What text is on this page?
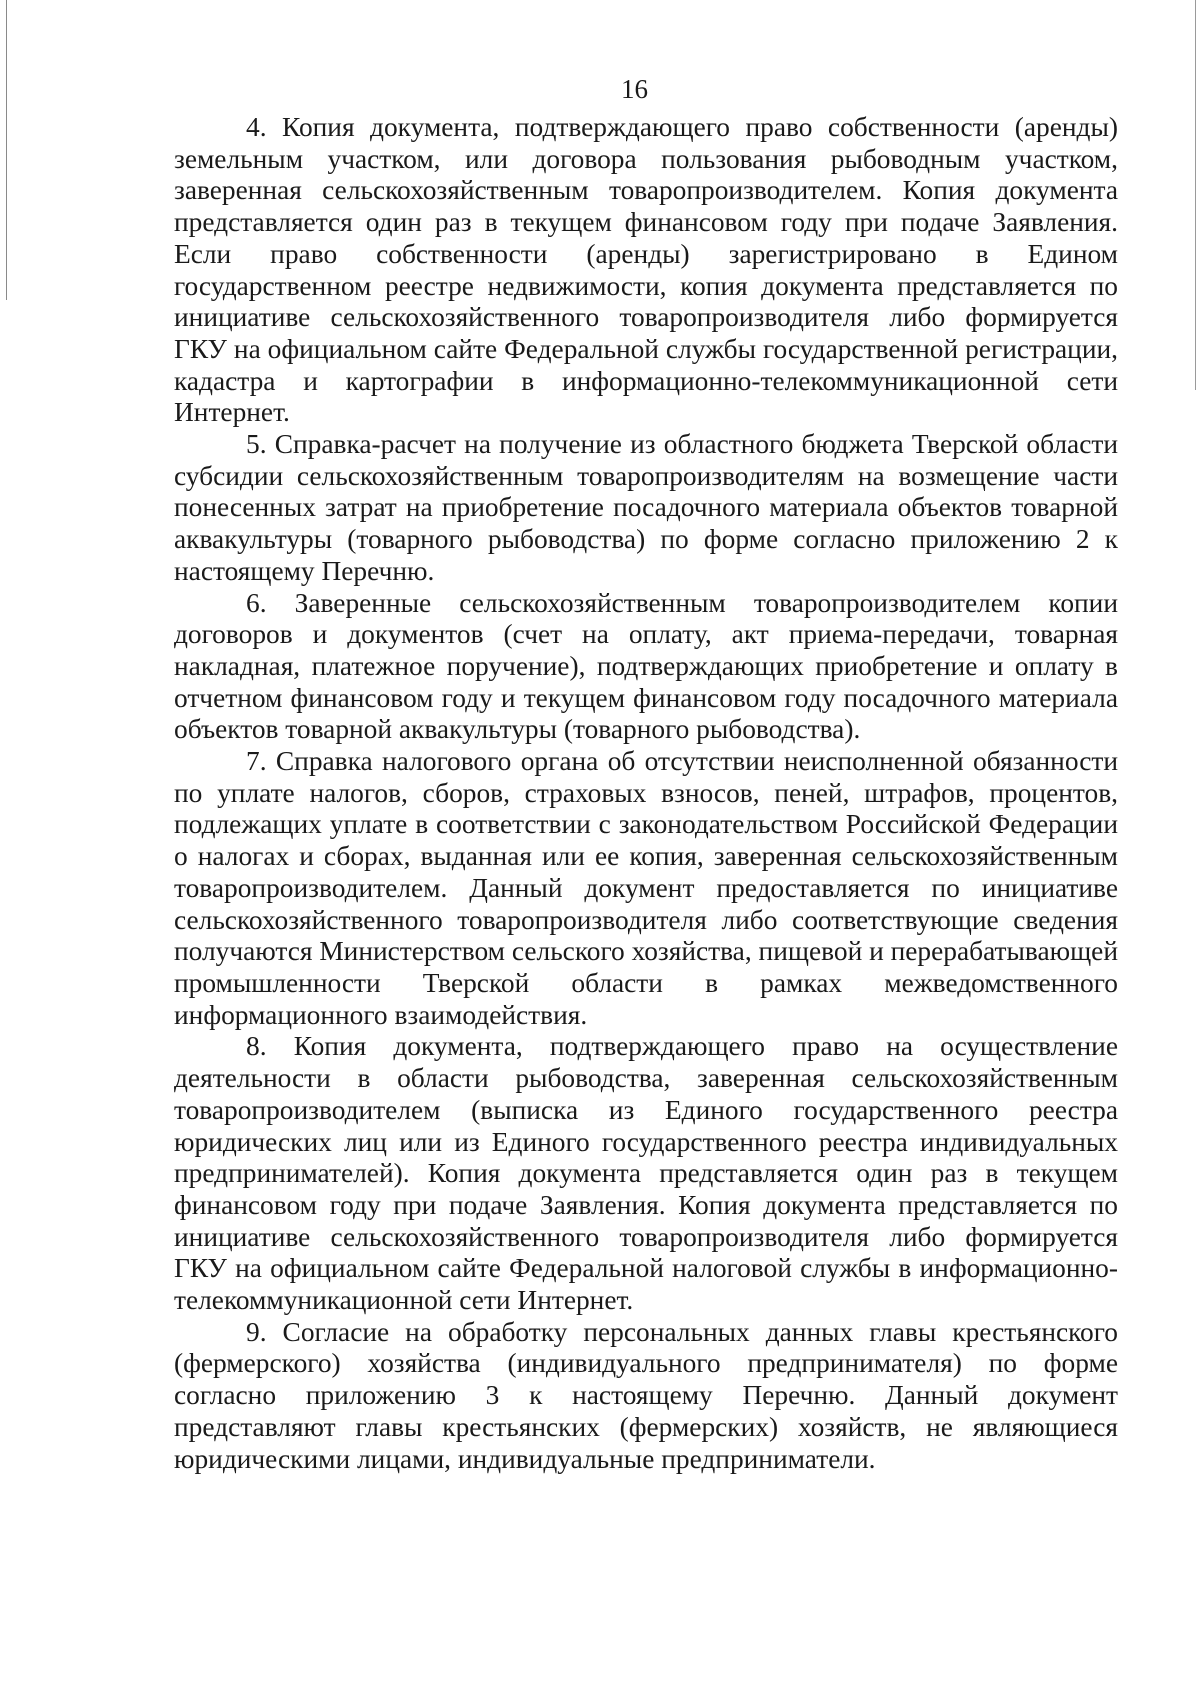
16

4. Копия документа, подтверждающего право собственности (аренды) земельным участком, или договора пользования рыбоводным участком, заверенная сельскохозяйственным товаропроизводителем. Копия документа представляется один раз в текущем финансовом году при подаче Заявления. Если право собственности (аренды) зарегистрировано в Едином государственном реестре недвижимости, копия документа представляется по инициативе сельскохозяйственного товаропроизводителя либо формируется ГКУ на официальном сайте Федеральной службы государственной регистрации, кадастра и картографии в информационно-телекоммуникационной сети Интернет.

5. Справка-расчет на получение из областного бюджета Тверской области субсидии сельскохозяйственным товаропроизводителям на возмещение части понесенных затрат на приобретение посадочного материала объектов товарной аквакультуры (товарного рыбоводства) по форме согласно приложению 2 к настоящему Перечню.

6. Заверенные сельскохозяйственным товаропроизводителем копии договоров и документов (счет на оплату, акт приема-передачи, товарная накладная, платежное поручение), подтверждающих приобретение и оплату в отчетном финансовом году и текущем финансовом году посадочного материала объектов товарной аквакультуры (товарного рыбоводства).

7. Справка налогового органа об отсутствии неисполненной обязанности по уплате налогов, сборов, страховых взносов, пеней, штрафов, процентов, подлежащих уплате в соответствии с законодательством Российской Федерации о налогах и сборах, выданная или ее копия, заверенная сельскохозяйственным товаропроизводителем. Данный документ предоставляется по инициативе сельскохозяйственного товаропроизводителя либо соответствующие сведения получаются Министерством сельского хозяйства, пищевой и перерабатывающей промышленности Тверской области в рамках межведомственного информационного взаимодействия.

8. Копия документа, подтверждающего право на осуществление деятельности в области рыбоводства, заверенная сельскохозяйственным товаропроизводителем (выписка из Единого государственного реестра юридических лиц или из Единого государственного реестра индивидуальных предпринимателей). Копия документа представляется один раз в текущем финансовом году при подаче Заявления. Копия документа представляется по инициативе сельскохозяйственного товаропроизводителя либо формируется ГКУ на официальном сайте Федеральной налоговой службы в информационно-телекоммуникационной сети Интернет.

9. Согласие на обработку персональных данных главы крестьянского (фермерского) хозяйства (индивидуального предпринимателя) по форме согласно приложению 3 к настоящему Перечню. Данный документ представляют главы крестьянских (фермерских) хозяйств, не являющиеся юридическими лицами, индивидуальные предприниматели.
